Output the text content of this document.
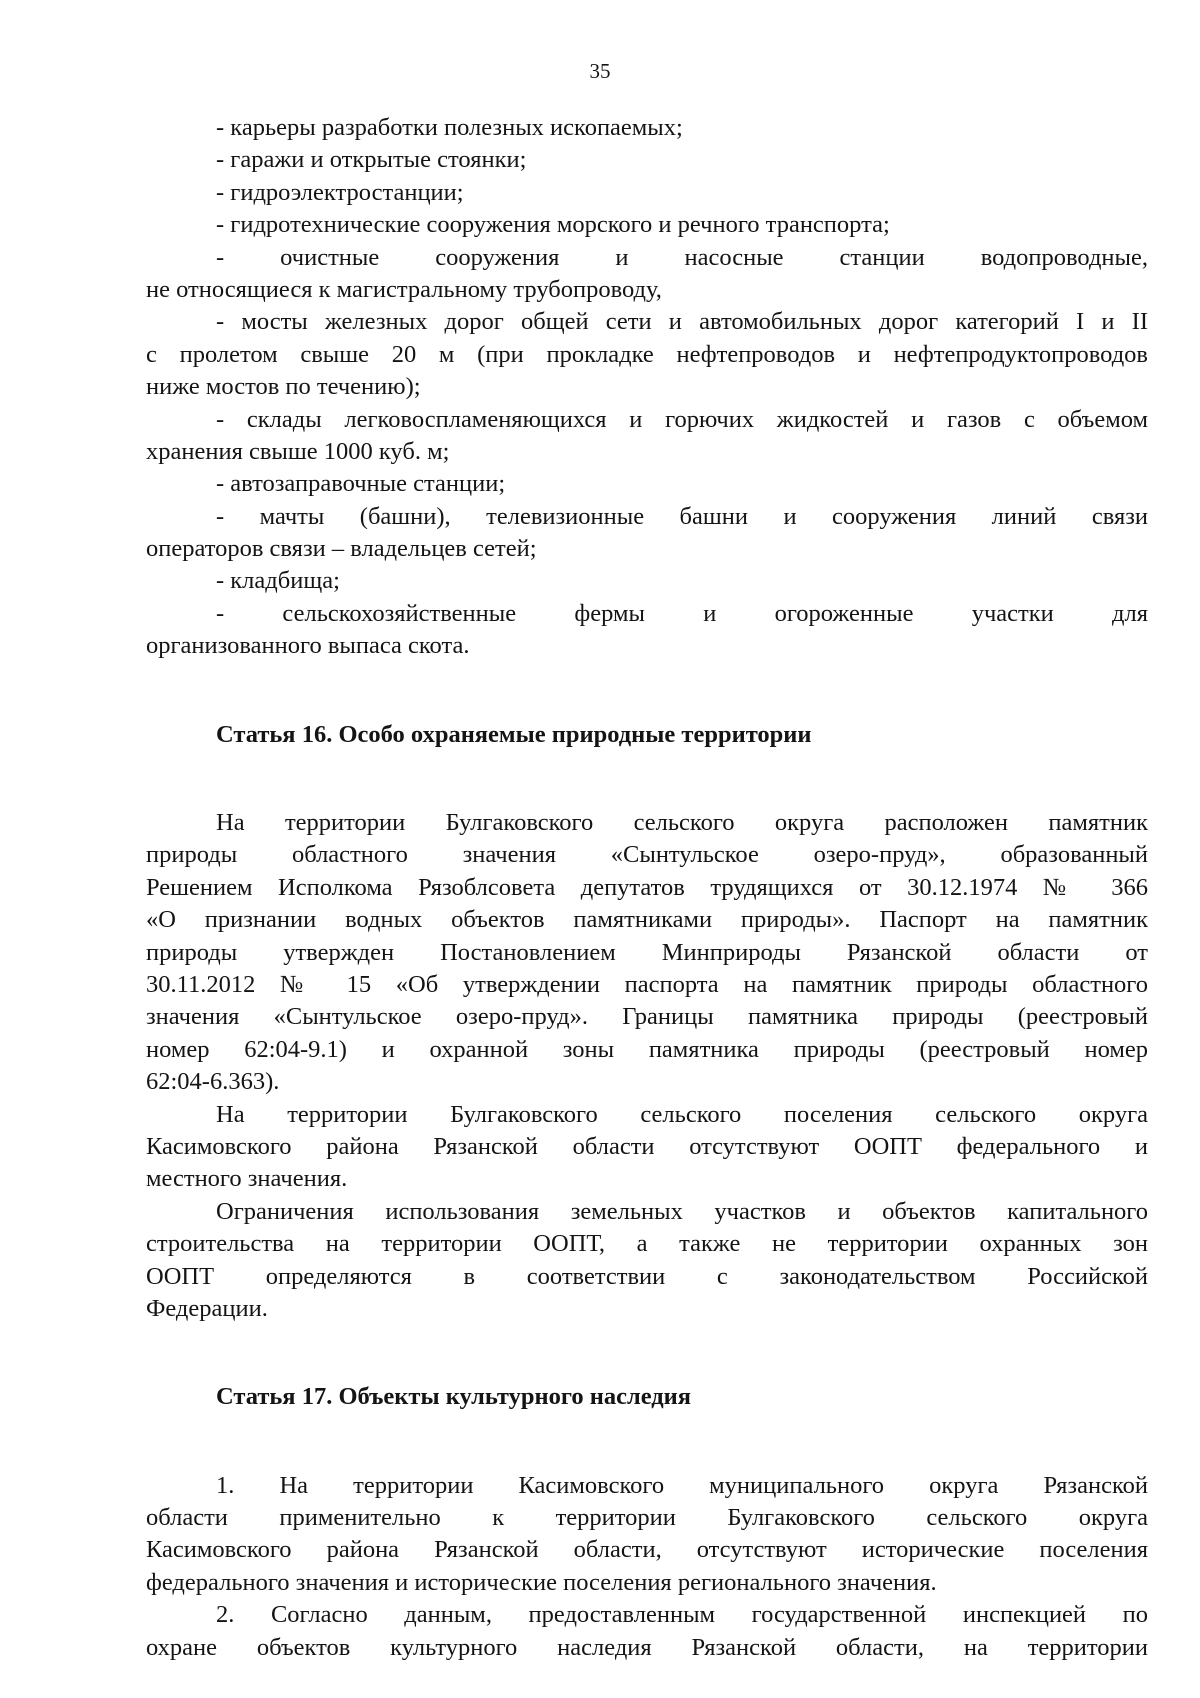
35
- карьеры разработки полезных ископаемых;
- гаражи и открытые стоянки;
- гидроэлектростанции;
- гидротехнические сооружения морского и речного транспорта;
- очистные сооружения и насосные станции водопроводные,
не относящиеся к магистральному трубопроводу,
- мосты железных дорог общей сети и автомобильных дорог категорий I и II
с пролетом свыше 20 м (при прокладке нефтепроводов и нефтепродуктопроводов
ниже мостов по течению);
- склады легковоспламеняющихся и горючих жидкостей и газов с объемом
хранения свыше 1000 куб. м;
- автозаправочные станции;
- мачты (башни), телевизионные башни и сооружения линий связи
операторов связи – владельцев сетей;
- кладбища;
- сельскохозяйственные фермы и огороженные участки для
организованного выпаса скота.
Статья 16. Особо охраняемые природные территории
На территории Булгаковского сельского округа расположен памятник
природы областного значения «Сынтульское озеро-пруд», образованный
Решением Исполкома Рязоблсовета депутатов трудящихся от 30.12.1974 № 366
«О признании водных объектов памятниками природы». Паспорт на памятник
природы утвержден Постановлением Минприроды Рязанской области от
30.11.2012 № 15 «Об утверждении паспорта на памятник природы областного
значения «Сынтульское озеро-пруд». Границы памятника природы (реестровый
номер 62:04-9.1) и охранной зоны памятника природы (реестровый номер
62:04-6.363).
На территории Булгаковского сельского поселения сельского округа
Касимовского района Рязанской области отсутствуют ООПТ федерального и
местного значения.
Ограничения использования земельных участков и объектов капитального
строительства на территории ООПТ, а также не территории охранных зон
ООПТ определяются в соответствии с законодательством Российской
Федерации.
Статья 17. Объекты культурного наследия
1. На территории Касимовского муниципального округа Рязанской
области применительно к территории Булгаковского сельского округа
Касимовского района Рязанской области, отсутствуют исторические поселения
федерального значения и исторические поселения регионального значения.
2. Согласно данным, предоставленным государственной инспекцией по
охране объектов культурного наследия Рязанской области, на территории
